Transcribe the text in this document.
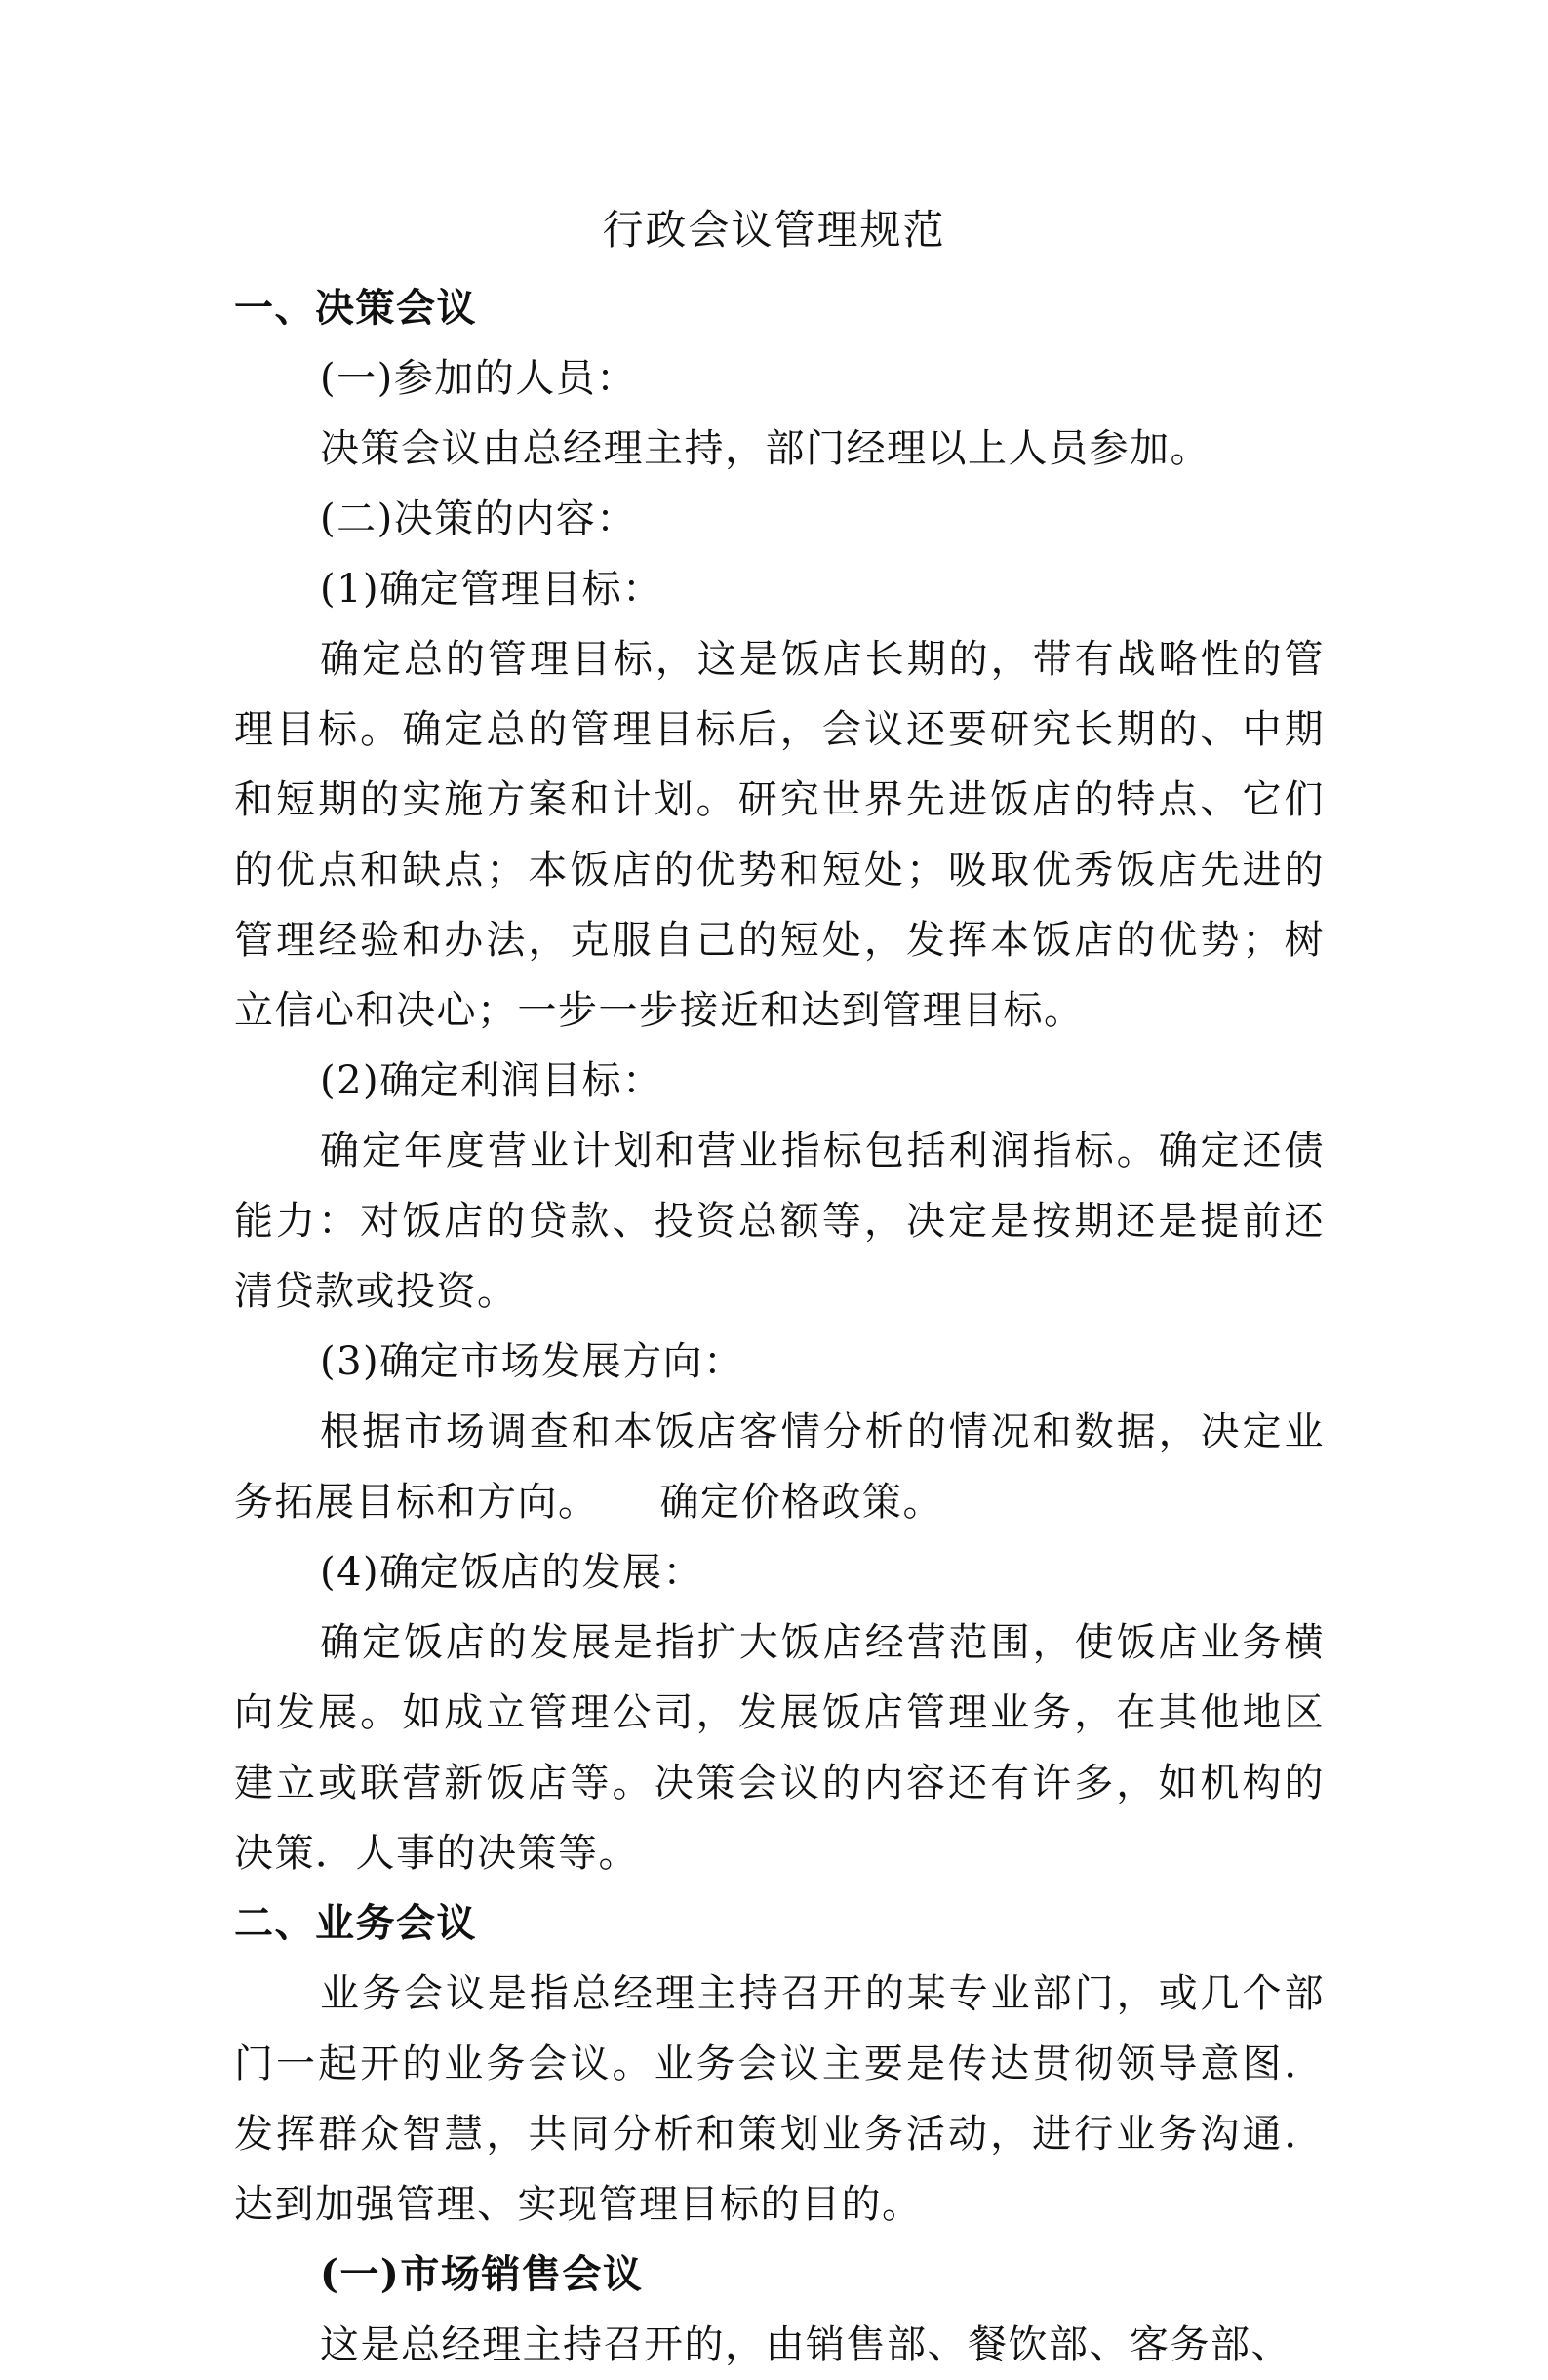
行政会议管理规范
一、决策会议
(一)参加的人员：
决策会议由总经理主持，部门经理以上人员参加。
(二)决策的内容：
(1)确定管理目标：

确定总的管理目标，这是饭店长期的，带有战略性的管理目标。确定总的管理目标后，会议还要研究长期的、中期和短期的实施方案和计划。研究世界先进饭店的特点、它们的优点和缺点；本饭店的优势和短处；吸取优秀饭店先进的管理经验和办法，克服自己的短处，发挥本饭店的优势；树立信心和决心；一步一步接近和达到管理目标。

(2)确定利润目标：

确定年度营业计划和营业指标包括利润指标。确定还债能力：对饭店的贷款、投资总额等，决定是按期还是提前还清贷款或投资。

(3)确定市场发展方向：

根据市场调查和本饭店客情分析的情况和数据，决定业务拓展目标和方向。　　确定价格政策。

(4)确定饭店的发展：

确定饭店的发展是指扩大饭店经营范围，使饭店业务横向发展。如成立管理公司，发展饭店管理业务，在其他地区建立或联营新饭店等。决策会议的内容还有许多，如机构的决策．人事的决策等。

二、业务会议

业务会议是指总经理主持召开的某专业部门，或几个部门一起开的业务会议。业务会议主要是传达贯彻领导意图．发挥群众智慧，共同分析和策划业务活动，进行业务沟通．达到加强管理、实现管理目标的目的。

(一)市场销售会议

这是总经理主持召开的，由销售部、餐饮部、客务部、
